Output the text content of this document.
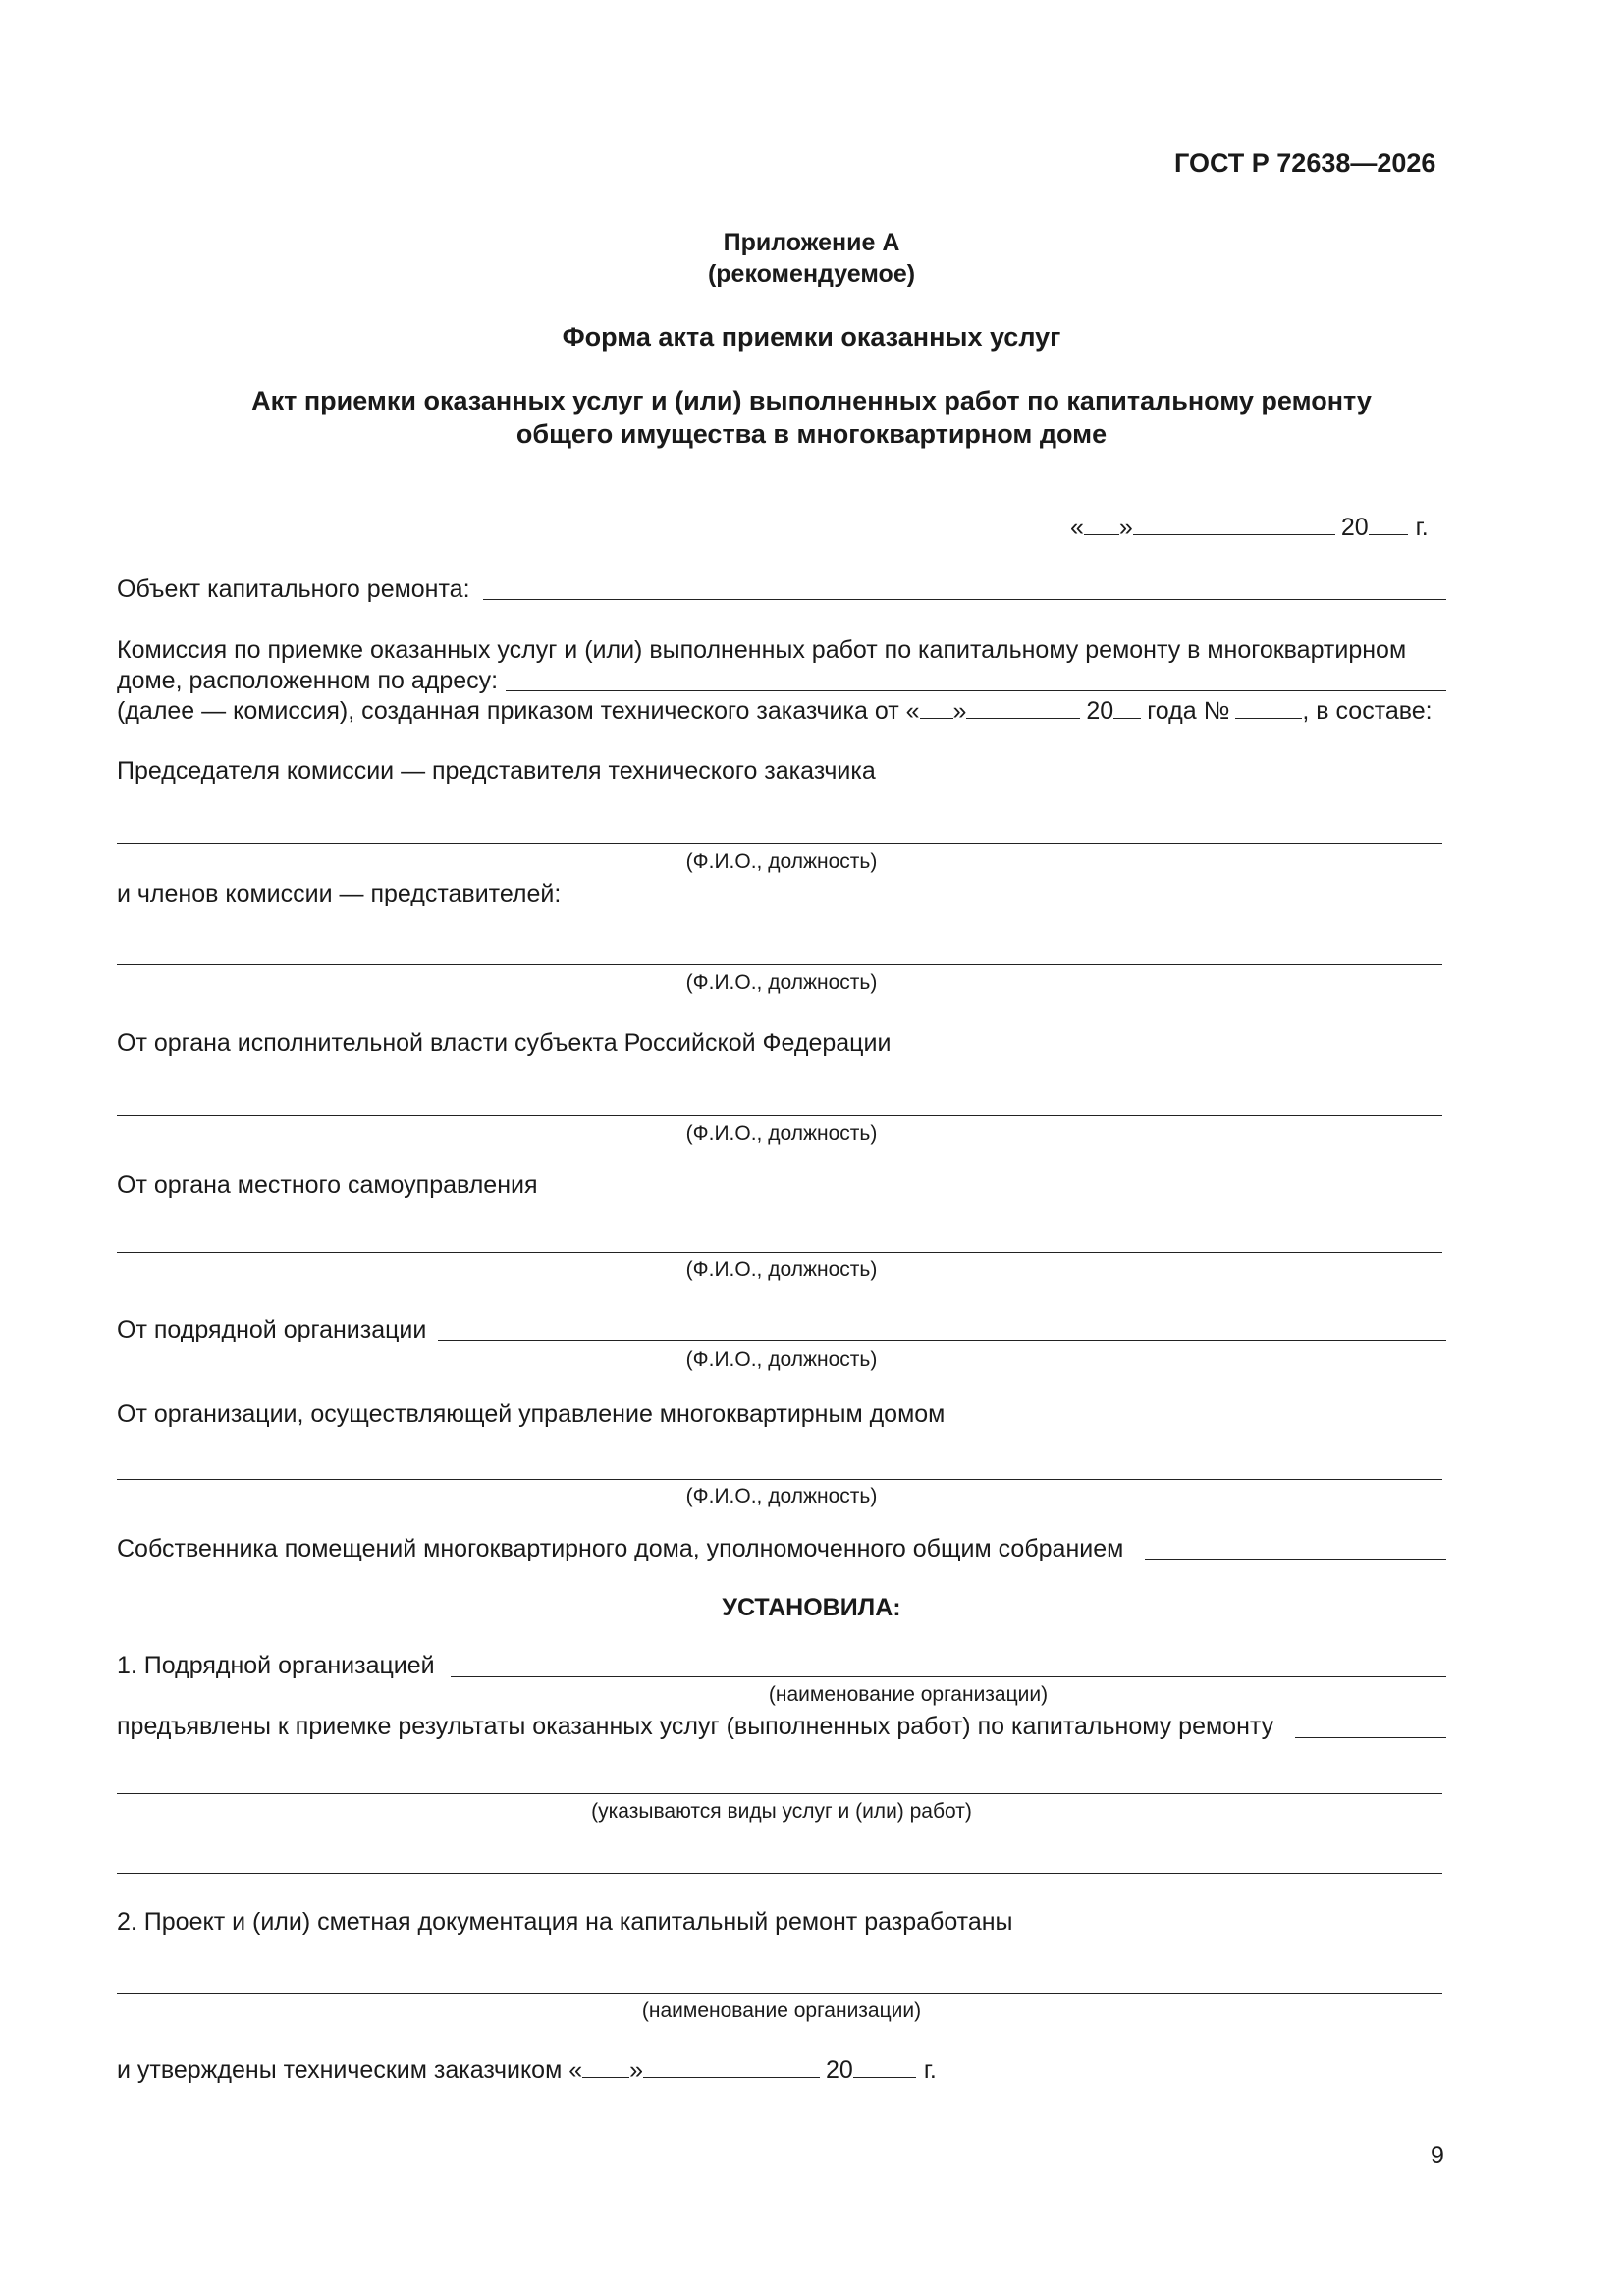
ГОСТ Р 72638—2026
Приложение А
(рекомендуемое)
Форма акта приемки оказанных услуг
Акт приемки оказанных услуг и (или) выполненных работ по капитальному ремонту
общего имущества в многоквартирном доме
« »	20 г.
Объект капитального ремонта:
Комиссия по приемке оказанных услуг и (или) выполненных работ по капитальному ремонту в многоквартирном
доме, расположенном по адресу:
(далее — комиссия), созданная приказом технического заказчика от « »	20 года №	, в составе:
Председателя комиссии — представителя технического заказчика
(Ф.И.О., должность)
и членов комиссии — представителей:
(Ф.И.О., должность)
От органа исполнительной власти субъекта Российской Федерации
(Ф.И.О., должность)
От органа местного самоуправления
(Ф.И.О., должность)
От подрядной организации
(Ф.И.О., должность)
От организации, осуществляющей управление многоквартирным домом
(Ф.И.О., должность)
Собственника помещений многоквартирного дома, уполномоченного общим собранием
УСТАНОВИЛА:
1. Подрядной организацией
(наименование организации)
предъявлены к приемке результаты оказанных услуг (выполненных работ) по капитальному ремонту
(указываются виды услуг и (или) работ)
2. Проект и (или) сметная документация на капитальный ремонт разработаны
(наименование организации)
и утверждены техническим заказчиком « »	20	г.
9
